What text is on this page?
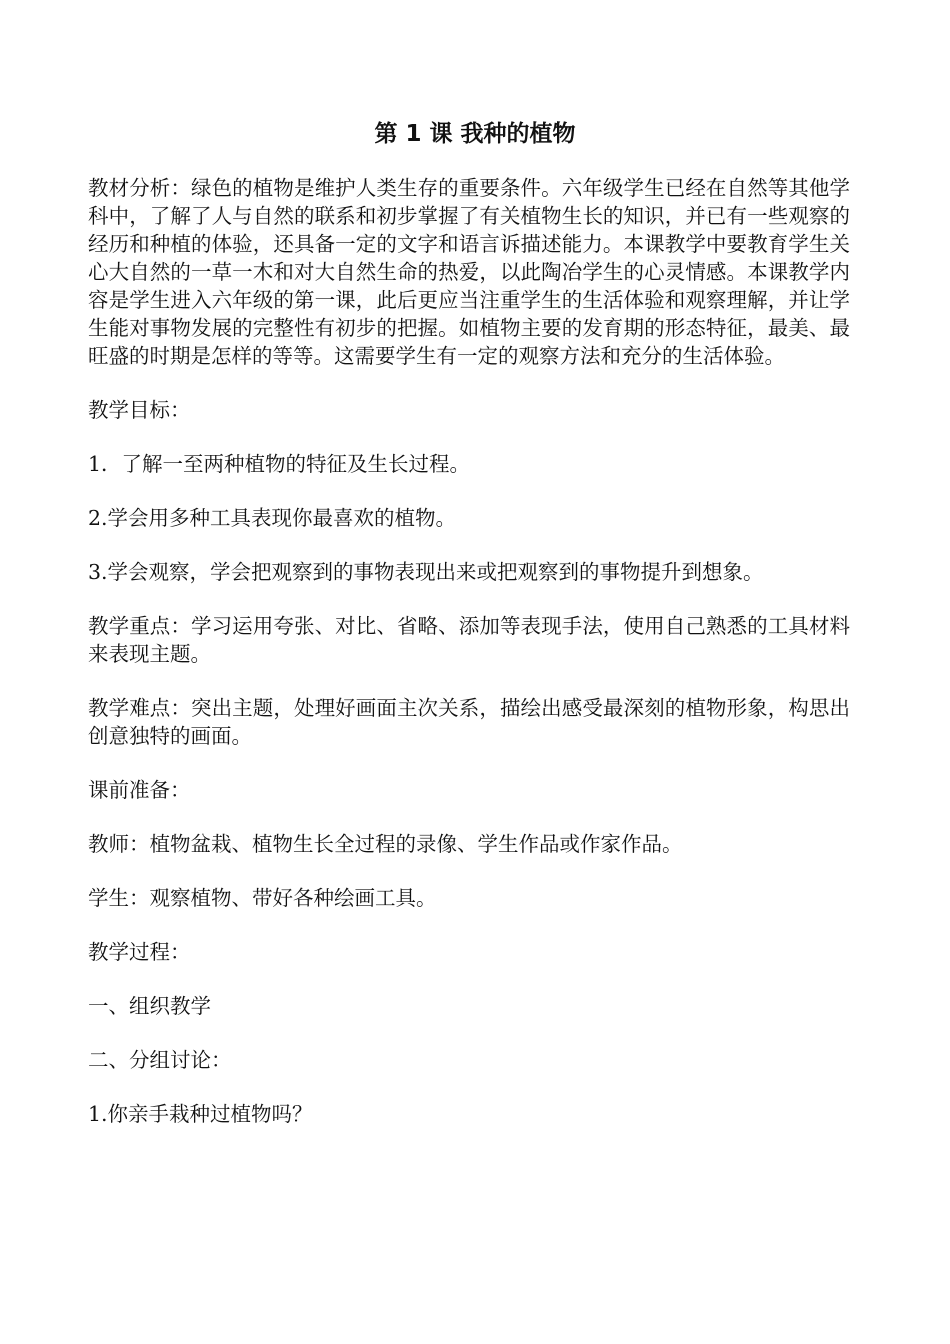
第 1 课 我种的植物

教材分析：绿色的植物是维护人类生存的重要条件。六年级学生已经在自然等其他学科中，了解了人与自然的联系和初步掌握了有关植物生长的知识，并已有一些观察的经历和种植的体验，还具备一定的文字和语言诉描述能力。本课教学中要教育学生关心大自然的一草一木和对大自然生命的热爱，以此陶冶学生的心灵情感。本课教学内容是学生进入六年级的第一课，此后更应当注重学生的生活体验和观察理解，并让学生能对事物发展的完整性有初步的把握。如植物主要的发育期的形态特征，最美、最旺盛的时期是怎样的等等。这需要学生有一定的观察方法和充分的生活体验。

教学目标：

1．了解一至两种植物的特征及生长过程。

2.学会用多种工具表现你最喜欢的植物。

3.学会观察，学会把观察到的事物表现出来或把观察到的事物提升到想象。

教学重点：学习运用夸张、对比、省略、添加等表现手法，使用自己熟悉的工具材料来表现主题。

教学难点：突出主题，处理好画面主次关系，描绘出感受最深刻的植物形象，构思出创意独特的画面。

课前准备：

教师：植物盆栽、植物生长全过程的录像、学生作品或作家作品。

学生：观察植物、带好各种绘画工具。

教学过程：

一、组织教学

二、分组讨论：

1.你亲手栽种过植物吗？
